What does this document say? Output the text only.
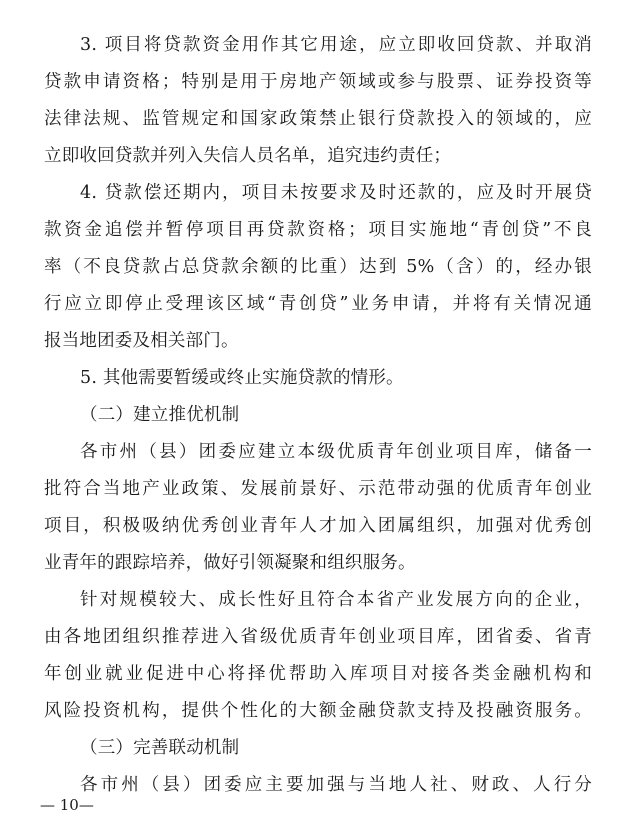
3. 项目将贷款资金用作其它用途，应立即收回贷款、并取消
贷款申请资格；特别是用于房地产领域或参与股票、证券投资等
法律法规、监管规定和国家政策禁止银行贷款投入的领域的，应
立即收回贷款并列入失信人员名单，追究违约责任；
4. 贷款偿还期内，项目未按要求及时还款的，应及时开展贷
款资金追偿并暂停项目再贷款资格；项目实施地“青创贷”不良
率（不良贷款占总贷款余额的比重）达到 5%（含）的，经办银
行应立即停止受理该区域“青创贷”业务申请，并将有关情况通
报当地团委及相关部门。
5. 其他需要暂缓或终止实施贷款的情形。
（二）建立推优机制
各市州（县）团委应建立本级优质青年创业项目库，储备一
批符合当地产业政策、发展前景好、示范带动强的优质青年创业
项目，积极吸纳优秀创业青年人才加入团属组织，加强对优秀创
业青年的跟踪培养，做好引领凝聚和组织服务。
针对规模较大、成长性好且符合本省产业发展方向的企业，
由各地团组织推荐进入省级优质青年创业项目库，团省委、省青
年创业就业促进中心将择优帮助入库项目对接各类金融机构和
风险投资机构，提供个性化的大额金融贷款支持及投融资服务。
（三）完善联动机制
各市州（县）团委应主要加强与当地人社、财政、人行分
— 10—
